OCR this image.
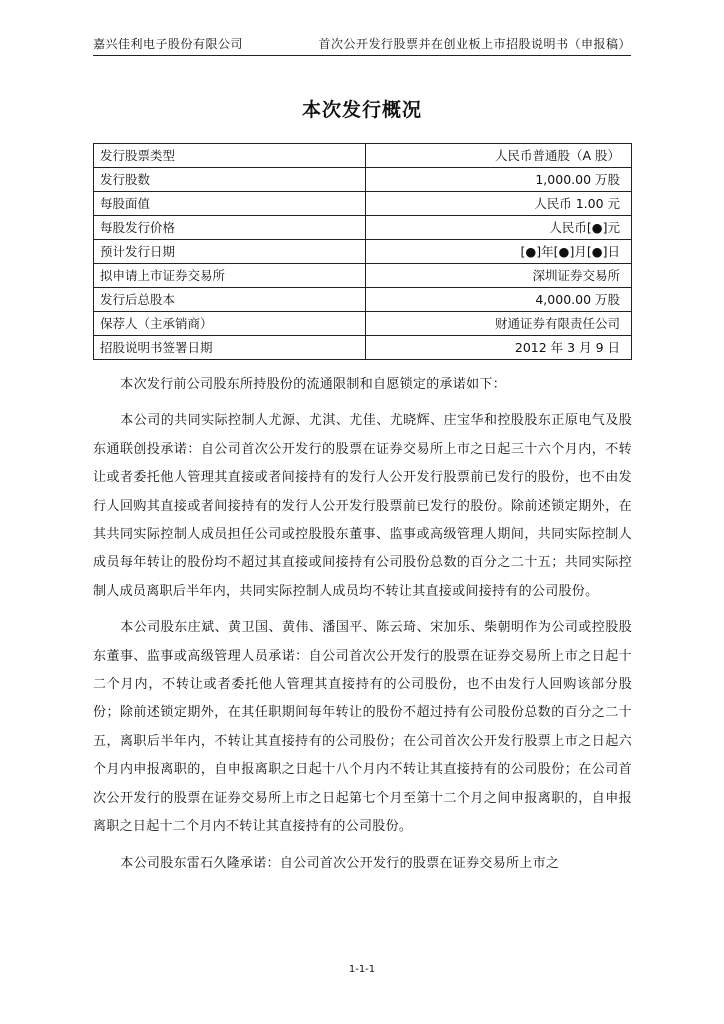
嘉兴佳利电子股份有限公司	首次公开发行股票并在创业板上市招股说明书（申报稿）
本次发行概况
发行股票类型	人民币普通股（A 股）
发行股数	1,000.00 万股
每股面值	人民币 1.00 元
每股发行价格	人民币[●]元
预计发行日期	[●]年[●]月[●]日
拟申请上市证券交易所	深圳证券交易所
发行后总股本	4,000.00 万股
保荐人（主承销商）	财通证券有限责任公司
招股说明书签署日期	2012 年 3 月 9 日

本次发行前公司股东所持股份的流通限制和自愿锁定的承诺如下：

本公司的共同实际控制人尤源、尤淇、尤佳、尤晓辉、庄宝华和控股股东正原电气及股东通联创投承诺：自公司首次公开发行的股票在证券交易所上市之日起三十六个月内，不转让或者委托他人管理其直接或者间接持有的发行人公开发行股票前已发行的股份，也不由发行人回购其直接或者间接持有的发行人公开发行股票前已发行的股份。除前述锁定期外，在其共同实际控制人成员担任公司或控股股东董事、监事或高级管理人期间，共同实际控制人成员每年转让的股份均不超过其直接或间接持有公司股份总数的百分之二十五；共同实际控制人成员离职后半年内，共同实际控制人成员均不转让其直接或间接持有的公司股份。

本公司股东庄斌、黄卫国、黄伟、潘国平、陈云琦、宋加乐、柴朝明作为公司或控股股东董事、监事或高级管理人员承诺：自公司首次公开发行的股票在证券交易所上市之日起十二个月内，不转让或者委托他人管理其直接持有的公司股份，也不由发行人回购该部分股份；除前述锁定期外，在其任职期间每年转让的股份不超过持有公司股份总数的百分之二十五，离职后半年内，不转让其直接持有的公司股份；在公司首次公开发行股票上市之日起六个月内申报离职的，自申报离职之日起十八个月内不转让其直接持有的公司股份；在公司首次公开发行的股票在证券交易所上市之日起第七个月至第十二个月之间申报离职的，自申报离职之日起十二个月内不转让其直接持有的公司股份。

本公司股东雷石久隆承诺：自公司首次公开发行的股票在证券交易所上市之

1-1-1
